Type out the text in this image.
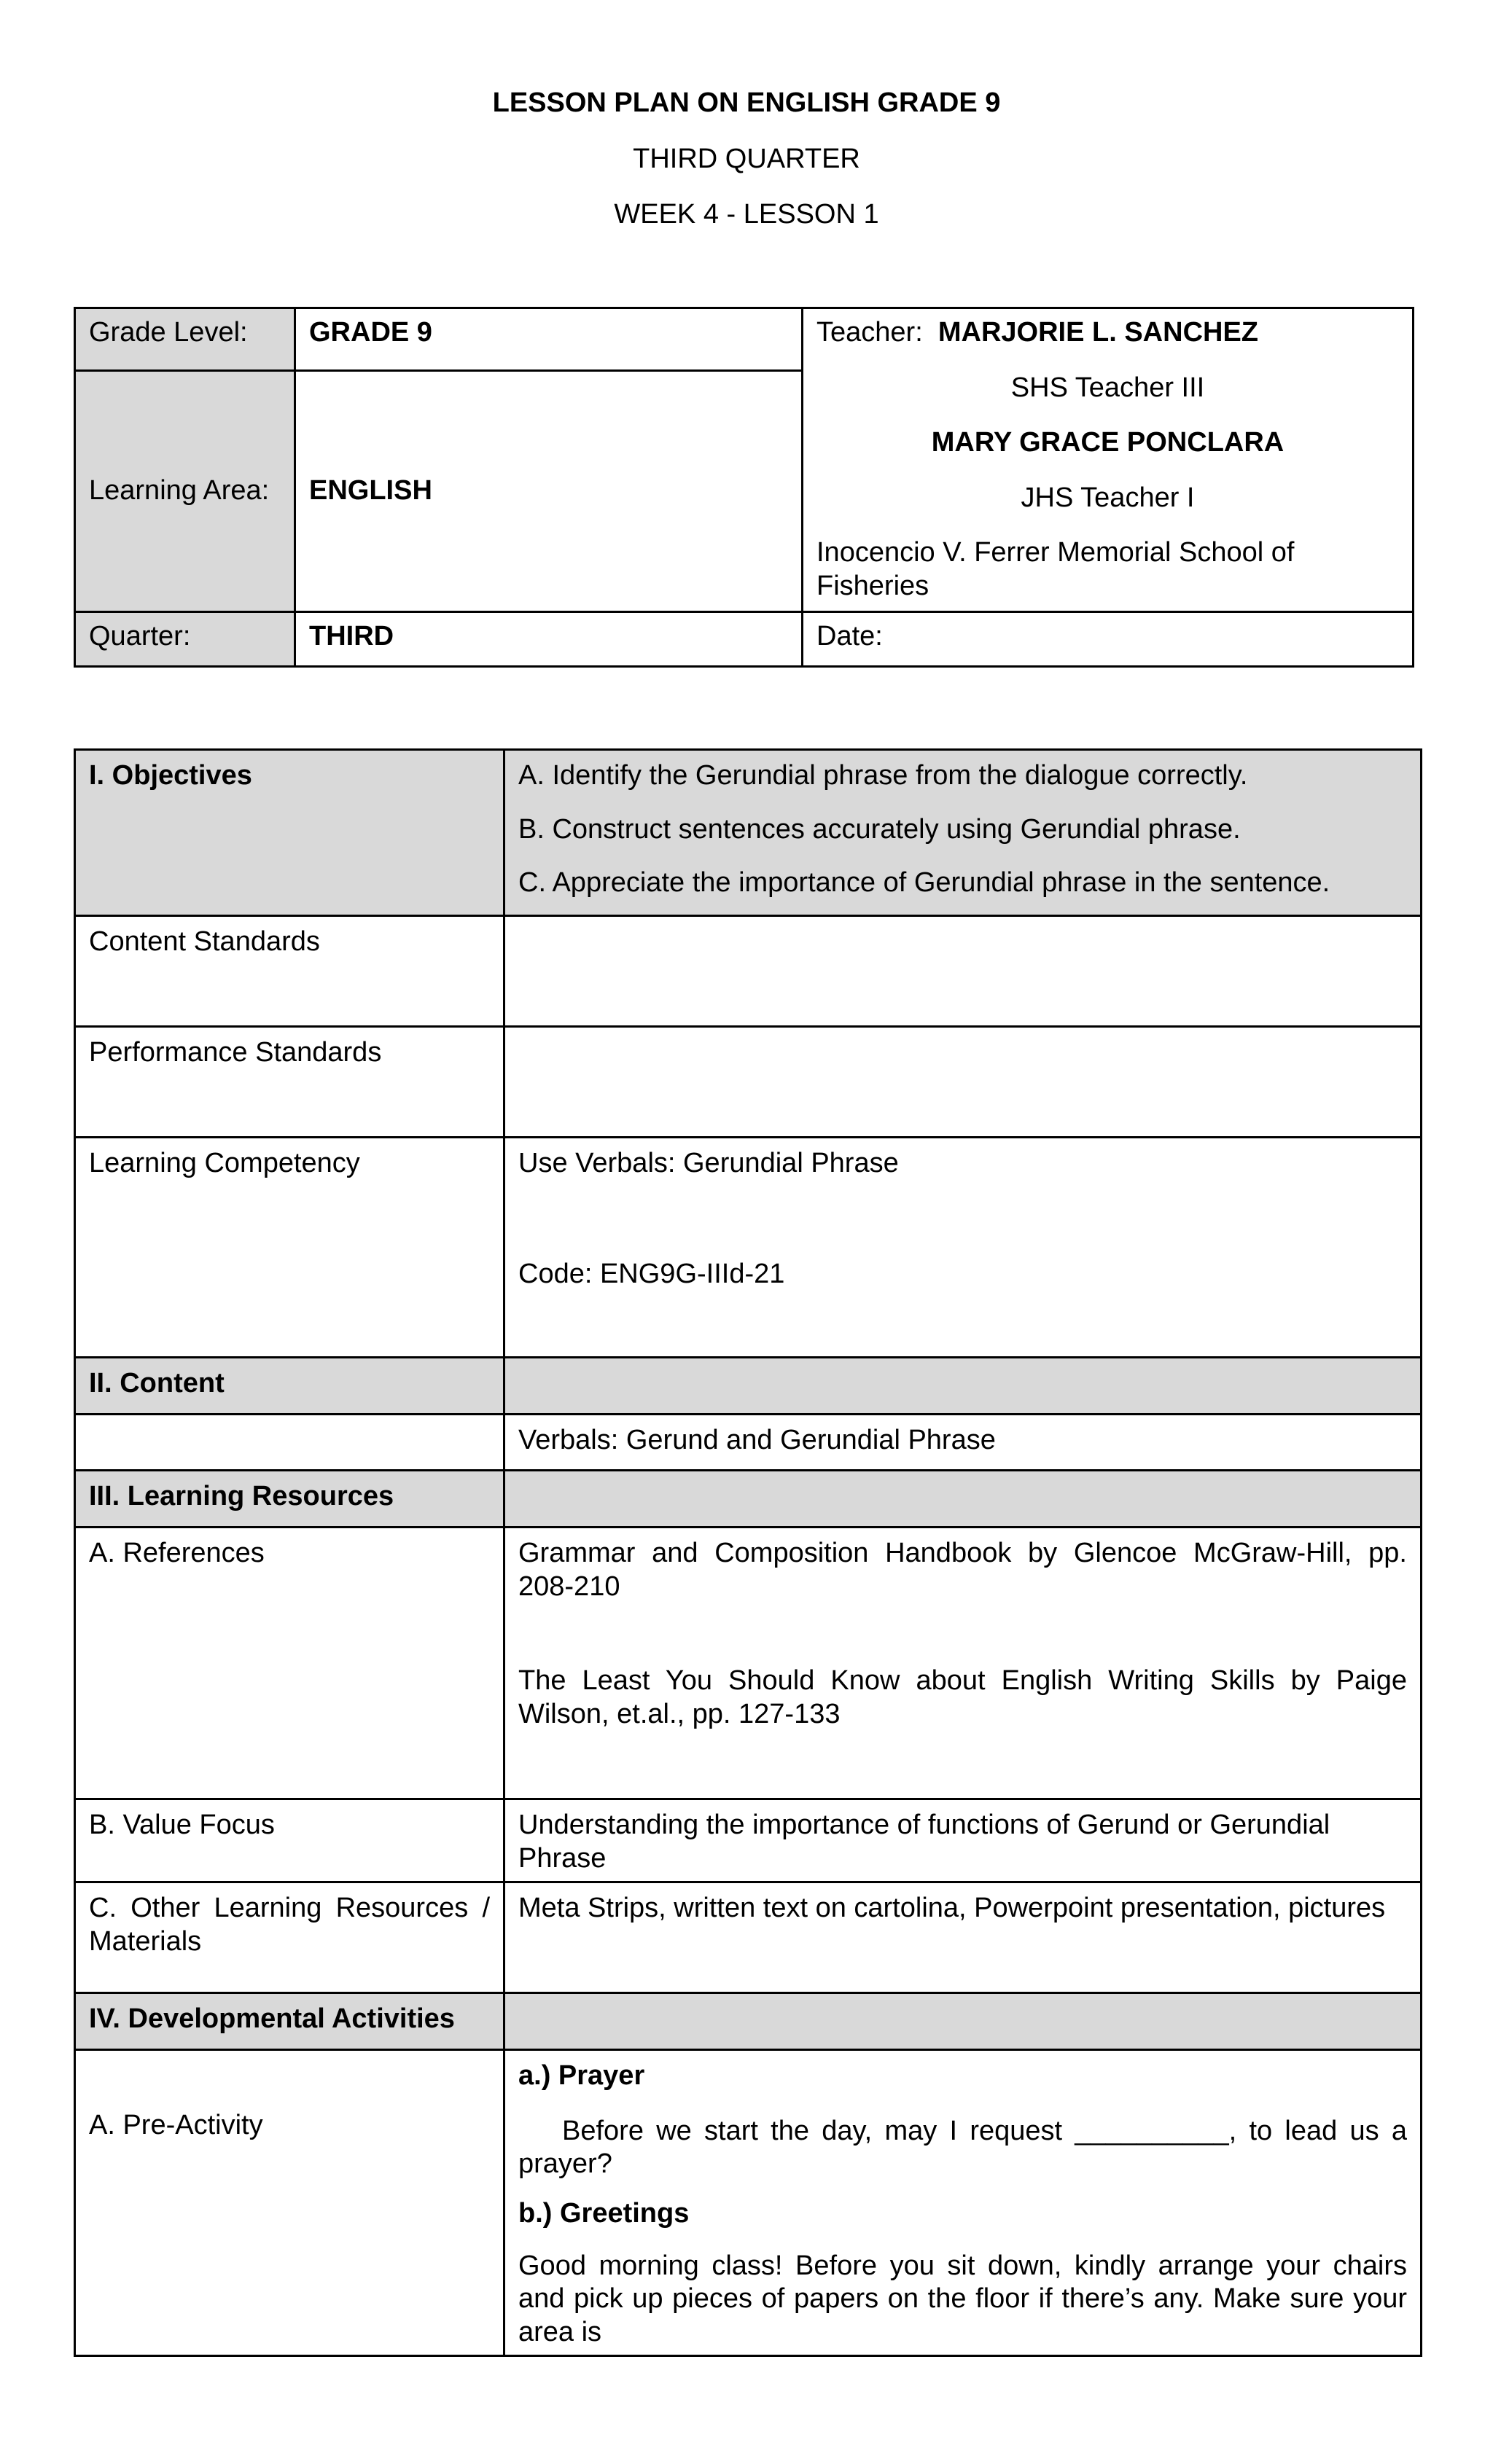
LESSON PLAN ON ENGLISH GRADE 9
THIRD QUARTER
WEEK 4 - LESSON 1
Grade Level:	GRADE 9	Teacher: MARJORIE L. SANCHEZ

SHS Teacher III

MARY GRACE PONCLARA

JHS Teacher I

Inocencio V. Ferrer Memorial School of Fisheries

Learning Area:	ENGLISH	
Quarter:	THIRD	Date:
I. Objectives	A. Identify the Gerundial phrase from the dialogue correctly.

B. Construct sentences accurately using Gerundial phrase.

C. Appreciate the importance of Gerundial phrase in the sentence.

Content Standards	
Performance Standards	
Learning Competency	Use Verbals: Gerundial Phrase

Code: ENG9G-IIId-21

II. Content	
	Verbals: Gerund and Gerundial Phrase
III. Learning Resources	
A. References	Grammar and Composition Handbook by Glencoe McGraw-Hill, pp. 208-210

The Least You Should Know about English Writing Skills by Paige Wilson, et.al., pp. 127-133

B. Value Focus	Understanding the importance of functions of Gerund or Gerundial Phrase
C. Other Learning Resources / Materials	Meta Strips, written text on cartolina, Powerpoint presentation, pictures
IV. Developmental Activities	
A. Pre-Activity	a.) Prayer

Before we start the day, may I request __________, to lead us a prayer?

b.) Greetings

Good morning class! Before you sit down, kindly arrange your chairs and pick up pieces of papers on the floor if there’s any. Make sure your area is
